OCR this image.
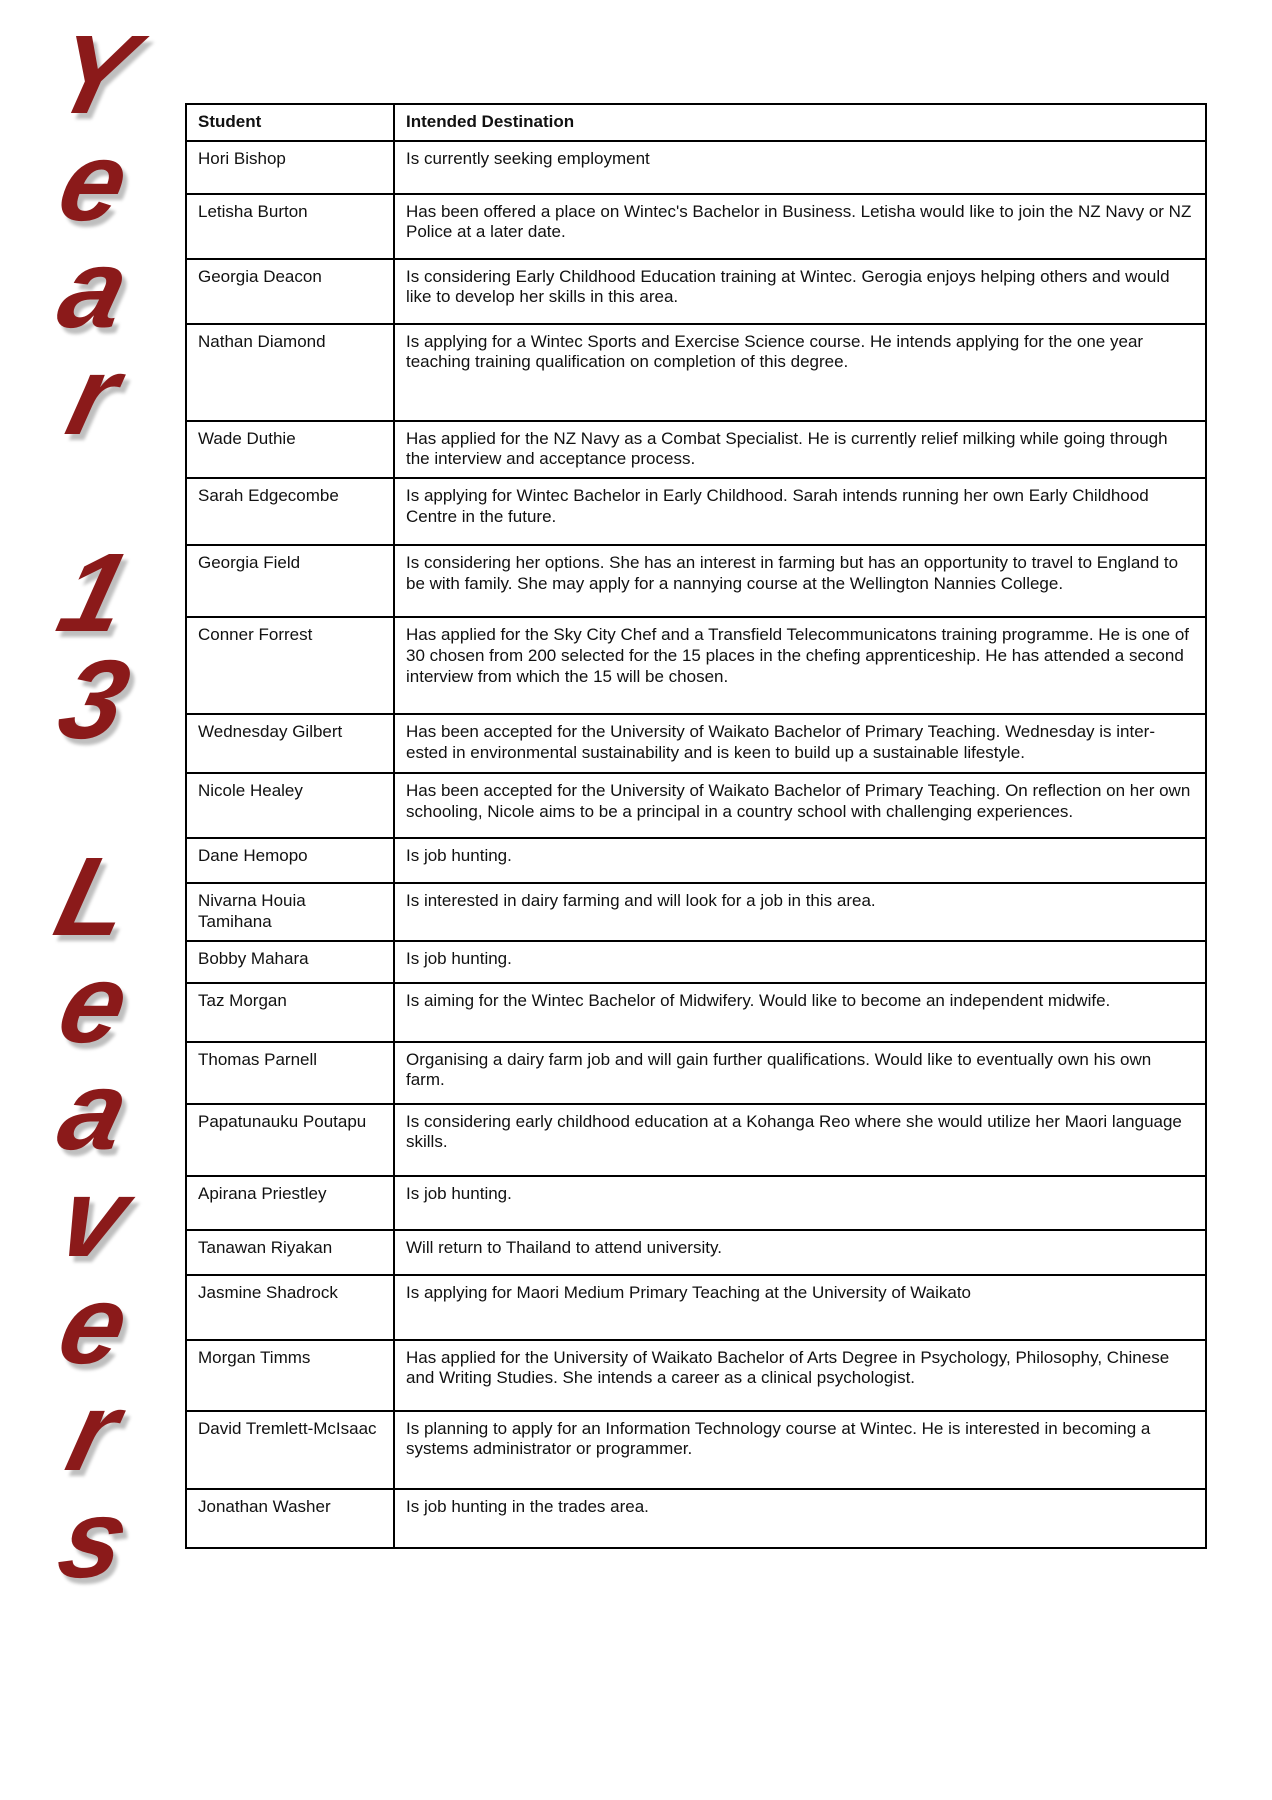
Y
e
a
r
1
3
L
e
a
v
e
r
s
Student	Intended Destination
Hori Bishop	Is currently seeking employment
Letisha Burton	Has been offered a place on Wintec's Bachelor in Business. Letisha would like to join the NZ Navy or NZ Police at a later date.
Georgia Deacon	Is considering Early Childhood Education training at Wintec. Gerogia enjoys helping others and would like to develop her skills in this area.
Nathan Diamond	Is applying for a Wintec Sports and Exercise Science course. He intends applying for the one year teaching training qualification on completion of this degree.
Wade Duthie	Has applied for the NZ Navy as a Combat Specialist. He is currently relief milking while going through the interview and acceptance process.
Sarah Edgecombe	Is applying for Wintec Bachelor in Early Childhood. Sarah intends running her own Early Childhood Centre in the future.
Georgia Field	Is considering her options. She has an interest in farming but has an opportunity to travel to England to be with family. She may apply for a nannying course at the Wellington Nannies College.
Conner Forrest	Has applied for the Sky City Chef and a Transfield Telecommunicatons training programme. He is one of 30 chosen from 200 selected for the 15 places in the chefing apprenticeship. He has attended a second interview from which the 15 will be chosen.
Wednesday Gilbert	Has been accepted for the University of Waikato Bachelor of Primary Teaching. Wednesday is inter-ested in environmental sustainability and is keen to build up a sustainable lifestyle.
Nicole Healey	Has been accepted for the University of Waikato Bachelor of Primary Teaching. On reflection on her own schooling, Nicole aims to be a principal in a country school with challenging experiences.
Dane Hemopo	Is job hunting.
Nivarna Houia Tamihana	Is interested in dairy farming and will look for a job in this area.
Bobby Mahara	Is job hunting.
Taz Morgan	Is aiming for the Wintec Bachelor of Midwifery. Would like to become an independent midwife.
Thomas Parnell	Organising a dairy farm job and will gain further qualifications. Would like to eventually own his own farm.
Papatunauku Poutapu	Is considering early childhood education at a Kohanga Reo where she would utilize her Maori language skills.
Apirana Priestley	Is job hunting.
Tanawan Riyakan	Will return to Thailand to attend university.
Jasmine Shadrock	Is applying for Maori Medium Primary Teaching at the University of Waikato
Morgan Timms	Has applied for the University of Waikato Bachelor of Arts Degree in Psychology, Philosophy, Chinese and Writing Studies. She intends a career as a clinical psychologist.
David Tremlett-McIsaac	Is planning to apply for an Information Technology course at Wintec. He is interested in becoming a systems administrator or programmer.
Jonathan Washer	Is job hunting in the trades area.
